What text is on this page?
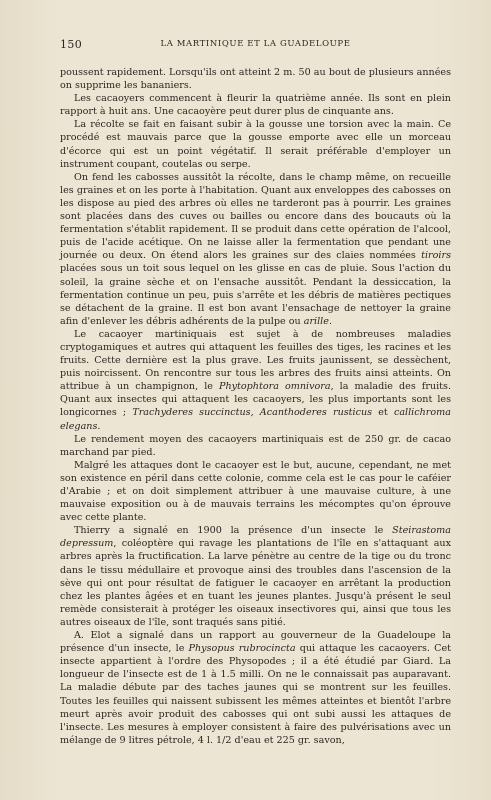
150	LA MARTINIQUE ET LA GUADELOUPE

poussent rapidement. Lorsqu'ils ont atteint 2 m. 50 au bout de plusieurs années on supprime les bananiers.

Les cacaoyers commencent à fleurir la quatrième année. Ils sont en plein rapport à huit ans. Une cacaoyère peut durer plus de cinquante ans.

La récolte se fait en faisant subir à la gousse une torsion avec la main. Ce procédé est mauvais parce que la gousse emporte avec elle un morceau d'écorce qui est un point végétatif. Il serait préférable d'employer un instrument coupant, coutelas ou serpe.

On fend les cabosses aussitôt la récolte, dans le champ même, on recueille les graines et on les porte à l'habitation. Quant aux enveloppes des cabosses on les dispose au pied des arbres où elles ne tarderont pas à pourrir. Les graines sont placées dans des cuves ou bailles ou encore dans des boucauts où la fermentation s'établit rapidement. Il se produit dans cette opération de l'alcool, puis de l'acide acétique. On ne laisse aller la fermentation que pendant une journée ou deux. On étend alors les graines sur des claies nommées tiroirs placées sous un toit sous lequel on les glisse en cas de pluie. Sous l'action du soleil, la graine sèche et on l'ensache aussitôt. Pendant la dessiccation, la fermentation continue un peu, puis s'arrête et les débris de matières pectiques se détachent de la graine. Il est bon avant l'ensachage de nettoyer la graine afin d'enlever les débris adhérents de la pulpe ou arille.

Le cacaoyer martiniquais est sujet à de nombreuses maladies cryptogamiques et autres qui attaquent les feuilles des tiges, les racines et les fruits. Cette dernière est la plus grave. Les fruits jaunissent, se dessèchent, puis noircissent. On rencontre sur tous les arbres des fruits ainsi atteints. On attribue à un champignon, le Phytophtora omnivora, la maladie des fruits. Quant aux insectes qui attaquent les cacaoyers, les plus importants sont les longicornes ; Trachyderes succinctus, Acanthoderes rusticus et callichroma elegans.

Le rendement moyen des cacaoyers martiniquais est de 250 gr. de cacao marchand par pied.

Malgré les attaques dont le cacaoyer est le but, aucune, cependant, ne met son existence en péril dans cette colonie, comme cela est le cas pour le caféier d'Arabie ; et on doit simplement attribuer à une mauvaise culture, à une mauvaise exposition ou à de mauvais terrains les mécomptes qu'on éprouve avec cette plante.

Thierry a signalé en 1900 la présence d'un insecte le Steirastoma depressum, coléoptère qui ravage les plantations de l'île en s'attaquant aux arbres après la fructification. La larve pénètre au centre de la tige ou du tronc dans le tissu médullaire et provoque ainsi des troubles dans l'ascension de la sève qui ont pour résultat de fatiguer le cacaoyer en arrêtant la production chez les plantes âgées et en tuant les jeunes plantes. Jusqu'à présent le seul remède consisterait à protéger les oiseaux insectivores qui, ainsi que tous les autres oiseaux de l'île, sont traqués sans pitié.

A. Elot a signalé dans un rapport au gouverneur de la Guadeloupe la présence d'un insecte, le Physopus rubrocincta qui attaque les cacaoyers. Cet insecte appartient à l'ordre des Physopodes ; il a été étudié par Giard. La longueur de l'insecte est de 1 à 1.5 milli. On ne le connaissait pas auparavant. La maladie débute par des taches jaunes qui se montrent sur les feuilles. Toutes les feuilles qui naissent subissent les mêmes atteintes et bientôt l'arbre meurt après avoir produit des cabosses qui ont subi aussi les attaques de l'insecte. Les mesures à employer consistent à faire des pulvérisations avec un mélange de 9 litres pétrole, 4 l. 1/2 d'eau et 225 gr. savon,
